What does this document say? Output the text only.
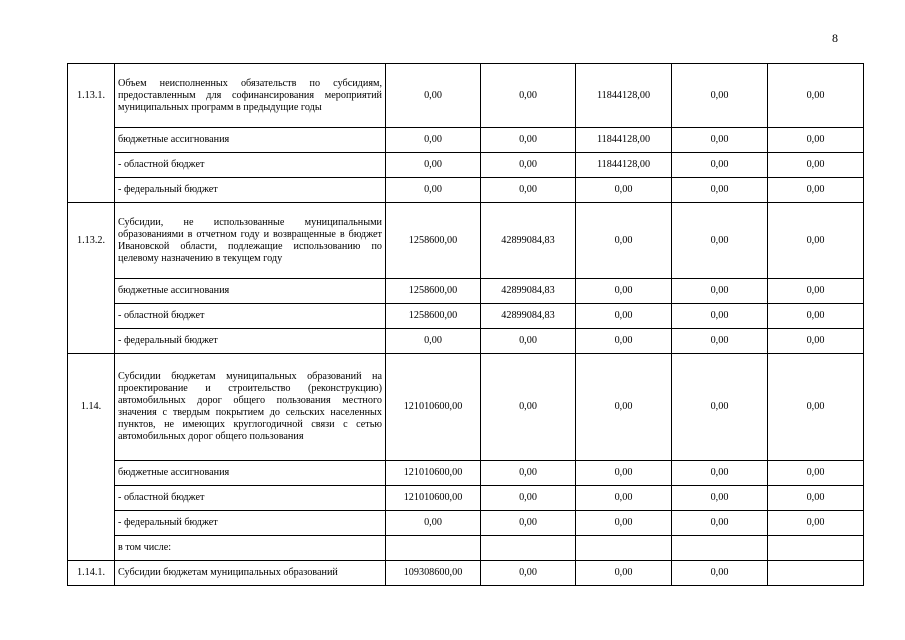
8
1.13.1.	Объем неисполненных обязательств по субсидиям, предоставленным для софинансирования мероприятий муниципальных программ в предыдущие годы	0,00	0,00	11844128,00	0,00	0,00
	бюджетные ассигнования	0,00	0,00	11844128,00	0,00	0,00
	- областной бюджет	0,00	0,00	11844128,00	0,00	0,00
	- федеральный бюджет	0,00	0,00	0,00	0,00	0,00
1.13.2.	Субсидии, не использованные муниципальными образованиями в отчетном году и возвращенные в бюджет Ивановской области, подлежащие использованию по целевому назначению в текущем году	1258600,00	42899084,83	0,00	0,00	0,00
	бюджетные ассигнования	1258600,00	42899084,83	0,00	0,00	0,00
	- областной бюджет	1258600,00	42899084,83	0,00	0,00	0,00
	- федеральный бюджет	0,00	0,00	0,00	0,00	0,00
1.14.	Субсидии бюджетам муниципальных образований на проектирование и строительство (реконструкцию) автомобильных дорог общего пользования местного значения с твердым покрытием до сельских населенных пунктов, не имеющих круглогодичной связи с сетью автомобильных дорог общего пользования	121010600,00	0,00	0,00	0,00	0,00
	бюджетные ассигнования	121010600,00	0,00	0,00	0,00	0,00
	- областной бюджет	121010600,00	0,00	0,00	0,00	0,00
	- федеральный бюджет	0,00	0,00	0,00	0,00	0,00
	в том числе:					
1.14.1.	Субсидии бюджетам муниципальных образований	109308600,00	0,00	0,00	0,00	
